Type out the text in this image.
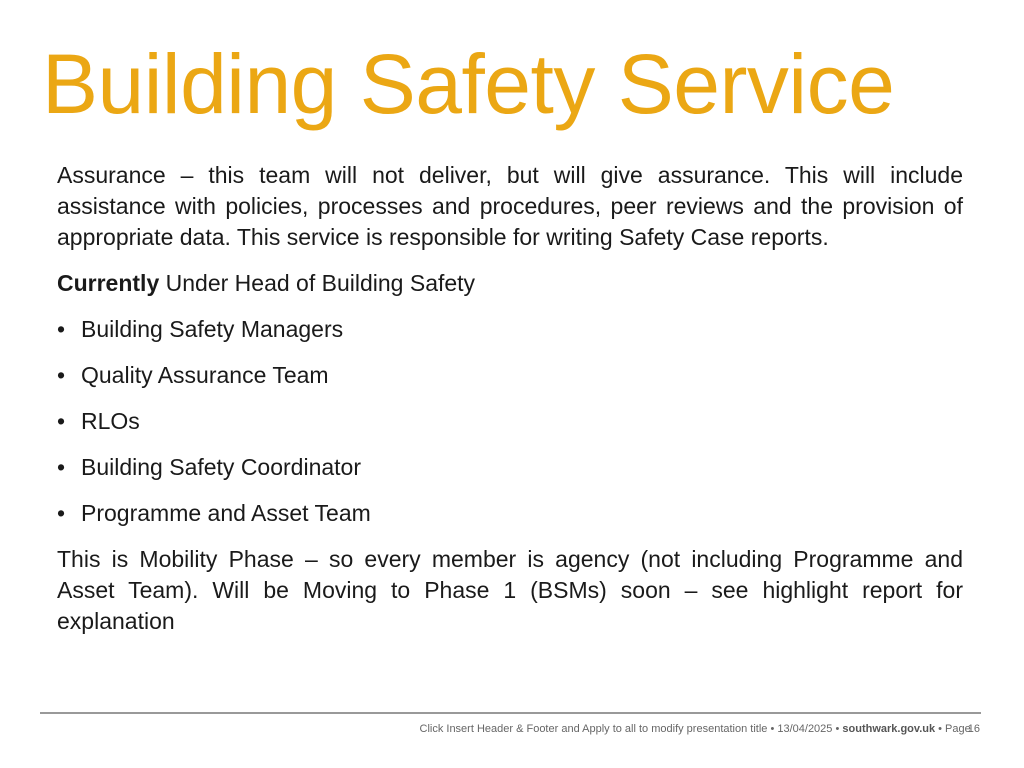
Building Safety Service

Assurance – this team will not deliver, but will give assurance. This will include assistance with policies, processes and procedures, peer reviews and the provision of appropriate data. This service is responsible for writing Safety Case reports.

Currently Under Head of Building Safety

• Building Safety Managers
• Quality Assurance Team
• RLOs
• Building Safety Coordinator
• Programme and Asset Team

This is Mobility Phase – so every member is agency (not including Programme and Asset Team). Will be Moving to Phase 1 (BSMs) soon – see highlight report for explanation

Click Insert Header & Footer and Apply to all to modify presentation title • 13/04/2025 • southwark.gov.uk • Page16
